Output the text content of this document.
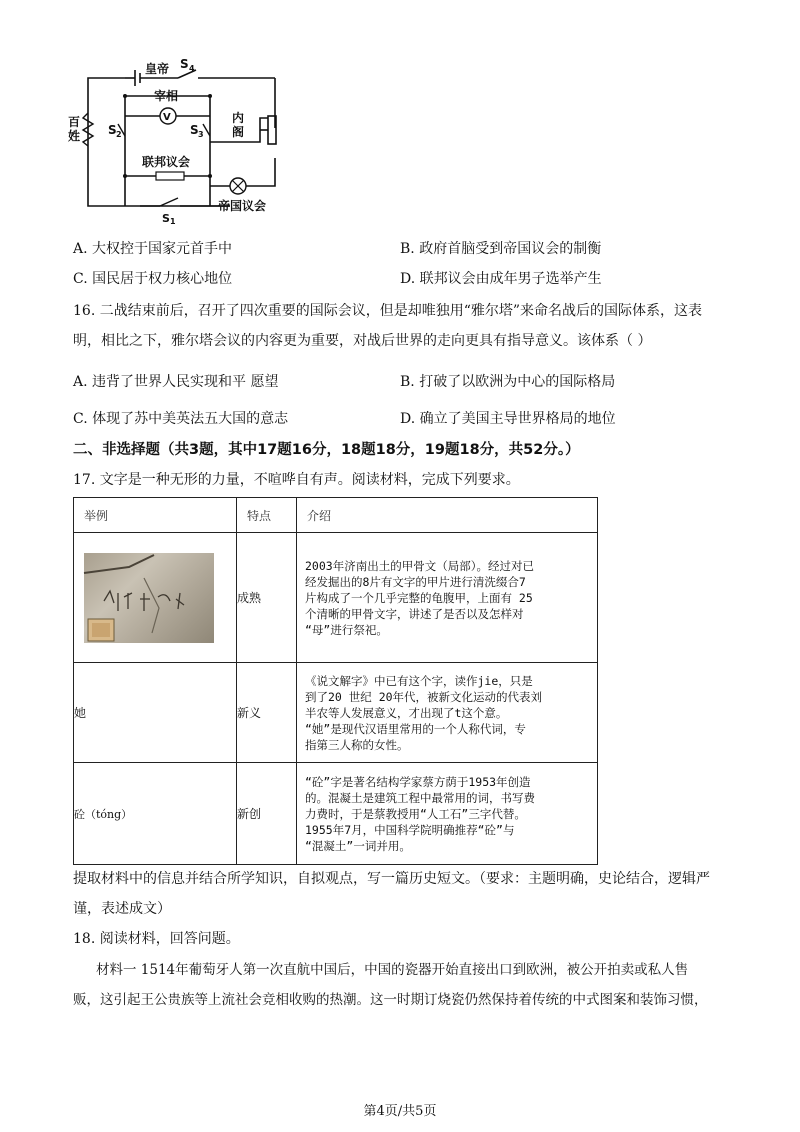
皇帝 S 4
宰相
V
百
姓 S 2	S 3
内
阁
联邦议会
帝国议会
S 1
A. 大权控于国家元首手中	B. 政府首脑受到帝国议会的制衡
C. 国民居于权力核心地位	D. 联邦议会由成年男子选举产生
16. 二战结束前后，召开了四次重要的国际会议，但是却唯独用“雅尔塔”来命名战后的国际体系，这表
明，相比之下，雅尔塔会议的内容更为重要，对战后世界的走向更具有指导意义。该体系（ ）
A. 违背了世界人民实现和平 愿望	B. 打破了以欧洲为中心的国际格局
C. 体现了苏中美英法五大国的意志	D. 确立了美国主导世界格局的地位
二、非选择题（共3题，其中17题16分，18题18分，19题18分，共52分。）
17. 文字是一种无形的力量，不喧哗自有声。阅读材料，完成下列要求。
举例	特点	介绍

	成熟	2003年济南出土的甲骨文（局部）。经过对已
经发掘出的8片有文字的甲片进行清洗缀合7
片构成了一个几乎完整的龟腹甲，上面有 25
个清晰的甲骨文字，讲述了是否以及怎样对
“母”进行祭祀。

她	新义	《说文解字》中已有这个字，读作jie，只是
到了20 世纪 20年代，被新文化运动的代表刘
半农等人发展意义，才出现了t这个意。
“她”是现代汉语里常用的一个人称代词，专
指第三人称的女性。

砼（tóng）	新创	“砼”字是著名结构学家蔡方荫于1953年创造
的。混凝土是建筑工程中最常用的词，书写费
力费时，于是蔡教授用“人工石”三字代替。
1955年7月，中国科学院明确推荐“砼”与
“混凝土”一词并用。
提取材料中的信息并结合所学知识，自拟观点，写一篇历史短文。（要求：主题明确，史论结合，逻辑严
谨，表述成文）
18. 阅读材料，回答问题。
材料一 1514年葡萄牙人第一次直航中国后，中国的瓷器开始直接出口到欧洲，被公开拍卖或私人售
贩，这引起王公贵族等上流社会竞相收购的热潮。这一时期订烧瓷仍然保持着传统的中式图案和装饰习惯，
第4页/共5页
